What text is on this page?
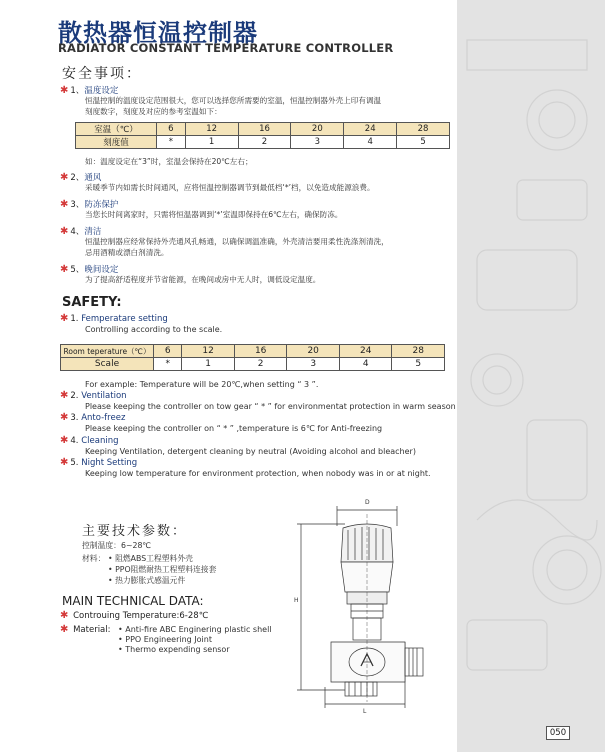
散热器恒温控制器
RADIATOR CONSTANT TEMPERATURE CONTROLLER
安全事项：
✱ 1、温度设定
恒温控制的温度设定范围很大，您可以选择您所需要的室温，恒温控制器外壳上印有调温
刻度数字，刻度及对应的参考室温如下：
室温（℃）	6	12	16	20	24	28
刻度值	*	1	2	3	4	5
如：温度设定在“3”时，室温会保持在20℃左右；
✱ 2、通风
采暖季节内如需长时间通风，应将恒温控制器调节到最低档‘*’档，以免造成能源浪费。
✱ 3、防冻保护
当您长时间离家时，只需将恒温器调到‘*’室温即保持在6℃左右，确保防冻。
✱ 4、清洁
恒温控制器应经常保持外壳通风孔畅通，以确保调温准确，外壳清洁要用柔性洗涤剂清洗，
忌用酒精或漂白剂清洗。
✱ 5、晚间设定
为了提高舒适程度并节省能源，在晚间或房中无人时，调低设定温度。
SAFETY:
✱ 1. Femperatare setting
Controlling according to the scale.
Room teperature（℃）	6	12	16	20	24	28
Scale	*	1	2	3	4	5
For example: Temperature will be 20℃,when setting “ 3 ”.
✱ 2. Ventilation
Please keeping the controller on tow gear “ * ” for environmentat protection in warm season
✱ 3. Anto-freez
Please keeping the controller on “ * ” ,temperature is 6℃ for Anti-freezing
✱ 4. Cleaning
Keeping Ventilation, detergent cleaning by neutral (Avoiding alcohol and bleacher)
✱ 5. Night Setting
Keeping low temperature for environment protection, when nobody was in or at night.
主要技术参数：
控制温度：6~28℃
材料： • 阻燃ABS工程塑料外壳
• PPO阻燃耐热工程塑料连接套
• 热力膨胀式感温元件
MAIN TECHNICAL DATA:
✱ Controuing Temperature:6-28℃
✱ Material: • Anti-fire ABC Enginering plastic shell
• PPO Engineering Joint
• Thermo expending sensor
D
H
L
050
